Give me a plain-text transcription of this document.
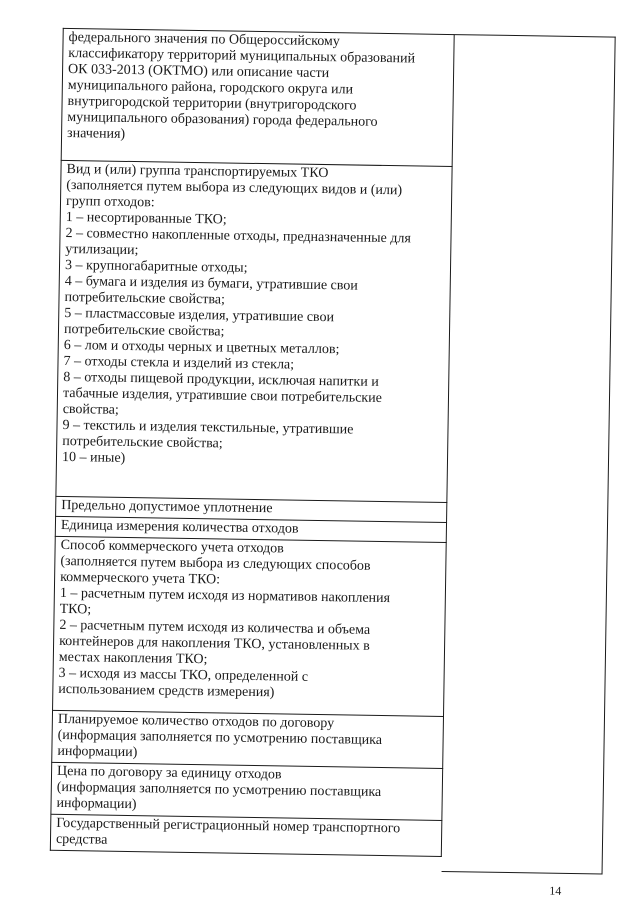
федерального значения по Общероссийскому
классификатору территорий муниципальных образований
ОК 033-2013 (ОКТМО) или описание части
муниципального района, городского округа или
внутригородской территории (внутригородского
муниципального образования) города федерального
значения)

Вид и (или) группа транспортируемых ТКО
(заполняется путем выбора из следующих видов и (или)
групп отходов:
1 – несортированные ТКО;
2 – совместно накопленные отходы, предназначенные для
утилизации;
3 – крупногабаритные отходы;
4 – бумага и изделия из бумаги, утратившие свои
потребительские свойства;
5 – пластмассовые изделия, утратившие свои
потребительские свойства;
6 – лом и отходы черных и цветных металлов;
7 – отходы стекла и изделий из стекла;
8 – отходы пищевой продукции, исключая напитки и
табачные изделия, утратившие свои потребительские
свойства;
9 – текстиль и изделия текстильные, утратившие
потребительские свойства;
10 – иные)

Предельно допустимое уплотнение

Единица измерения количества отходов

Способ коммерческого учета отходов
(заполняется путем выбора из следующих способов
коммерческого учета ТКО:
1 – расчетным путем исходя из нормативов накопления
ТКО;
2 – расчетным путем исходя из количества и объема
контейнеров для накопления ТКО, установленных в
местах накопления ТКО;
3 – исходя из массы ТКО, определенной с
использованием средств измерения)

Планируемое количество отходов по договору
(информация заполняется по усмотрению поставщика
информации)

Цена по договору за единицу отходов
(информация заполняется по усмотрению поставщика
информации)

Государственный регистрационный номер транспортного
средства
14
